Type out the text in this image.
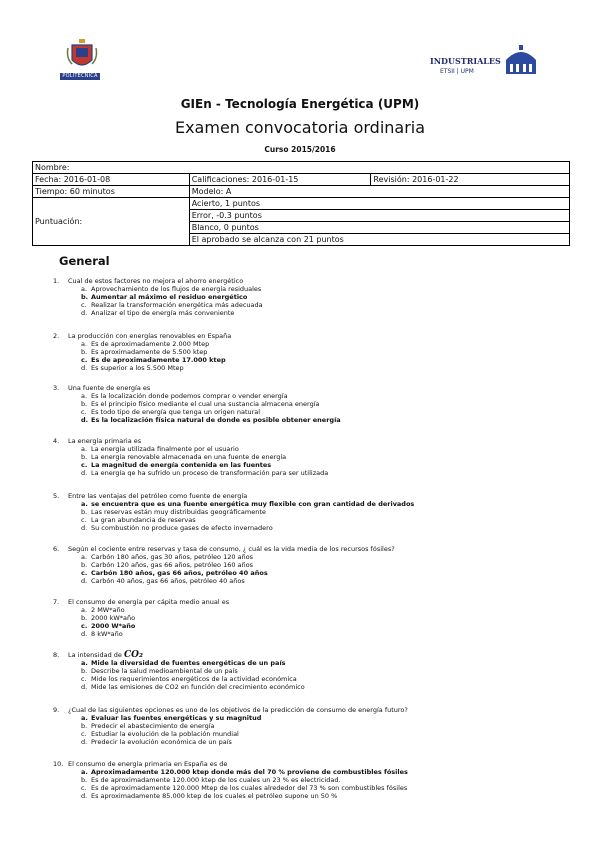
POLITÉCNICA
INDUSTRIALES
ETSII | UPM
GIEn - Tecnología Energética (UPM)
Examen convocatoria ordinaria
Curso 2015/2016
Nombre:		
Fecha: 2016-01-08	Calificaciones: 2016-01-15	Revisión: 2016-01-22
Tiempo: 60 minutos	Modelo: A	
Puntuación:	Acierto, 1 puntos	
	Error, -0.3 puntos	
	Blanco, 0 puntos	
	El aprobado se alcanza con 21 puntos	
General
1. Cual de estos factores no mejora el ahorro energético
a. Aprovechamiento de los flujos de energía residuales
b. Aumentar al máximo el residuo energético
c. Realizar la transformación energética más adecuada
d. Analizar el tipo de energía más conveniente
2. La producción con energías renovables en España
a. Es de aproximadamente 2.000 Mtep
b. Es aproximadamente de 5.500 ktep
c. Es de aproximadamente 17.000 ktep
d. Es superior a los 5.500 Mtep
3. Una fuente de energía es
a. Es la localización donde podemos comprar o vender energía
b. Es el principio físico mediante el cual una sustancia almacena energía
c. Es todo tipo de energía que tenga un origen natural
d. Es la localización física natural de donde es posible obtener energía
4. La energía primaria es
a. La energía utilizada finalmente por el usuario
b. La energía renovable almacenada en una fuente de energía
c. La magnitud de energía contenida en las fuentes
d. La energía qe ha sufrido un proceso de transformación para ser utilizada
5. Entre las ventajas del petróleo como fuente de energía
a. se encuentra que es una fuente energética muy flexible con gran cantidad de derivados
b. Las reservas están muy distribuidas geográficamente
c. La gran abundancia de reservas
d. Su combustión no produce gases de efecto invernadero
6. Según el cociente entre reservas y tasa de consumo, ¿ cuál es la vida media de los recursos fósiles?
a. Carbón 180 años, gas 30 años, petróleo 120 años
b. Carbón 120 años, gas 66 años, petróleo 160 años
c. Carbón 180 años, gas 66 años, petróleo 40 años
d. Carbón 40 años, gas 66 años, petróleo 40 años
7. El consumo de energía per cápita medio anual es
a. 2 MW*año
b. 2000 kW*año
c. 2000 W*año
d. 8 kW*año
8. La intensidad de CO₂
a. Mide la diversidad de fuentes energéticas de un país
b. Describe la salud medioambiental de un país
c. Mide los requerimientos energéticos de la actividad económica
d. Mide las emisiones de CO2 en función del crecimiento económico
9. ¿Cual de las siguientes opciones es uno de los objetivos de la predicción de consumo de energía futuro?
a. Evaluar las fuentes energéticas y su magnitud
b. Predecir el abastecimiento de energía
c. Estudiar la evolución de la población mundial
d. Predecir la evolución económica de un país
10. El consumo de energía primaria en España es de
a. Aproximadamente 120.000 ktep donde más del 70 % proviene de combustibles fósiles
b. Es de aproximadamente 120.000 ktep de los cuales un 23 % es electricidad.
c. Es de aproximadamente 120.000 Mtep de los cuales alrededor del 73 % son combustibles fósiles
d. Es aproximadamente 85.000 ktep de los cuales el petróleo supone un 50 %
